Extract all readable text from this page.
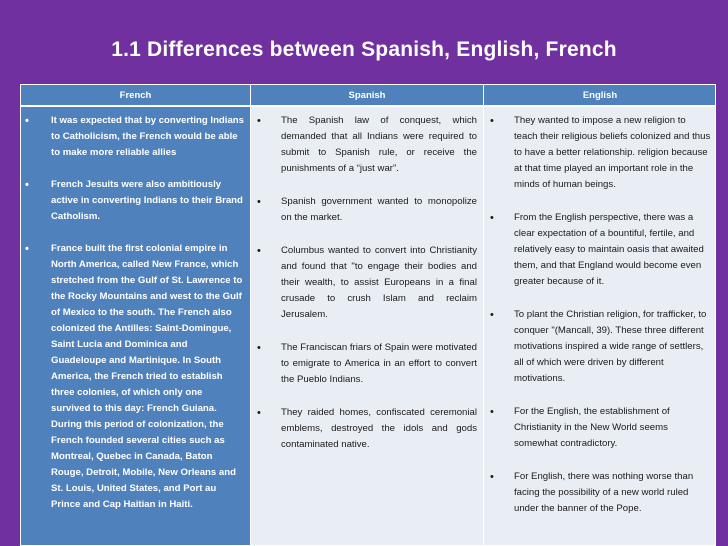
1.1 Differences between Spanish, English, French
French	Spanish	English
• It was expected that by converting Indians to Catholicism, the French would be able to make more reliable allies
• French Jesuits were also ambitiously active in converting Indians to their Brand Catholism.
• France built the first colonial empire in North America, called New France, which stretched from the Gulf of St. Lawrence to the Rocky Mountains and west to the Gulf of Mexico to the south. The French also colonized the Antilles: Saint-Domingue, Saint Lucia and Dominica and Guadeloupe and Martinique. In South America, the French tried to establish three colonies, of which only one survived to this day: French Guiana. During this period of colonization, the French founded several cities such as Montreal, Quebec in Canada, Baton Rouge, Detroit, Mobile, New Orleans and St. Louis, United States, and Port au Prince and Cap Haitian in Haiti.
• The Spanish law of conquest, which demanded that all Indians were required to submit to Spanish rule, or receive the punishments of a “just war”.
• Spanish government wanted to monopolize on the market.
• Columbus wanted to convert into Christianity and found that "to engage their bodies and their wealth, to assist Europeans in a final crusade to crush Islam and reclaim Jerusalem.
• The Franciscan friars of Spain were motivated to emigrate to America in an effort to convert the Pueblo Indians.
• They raided homes, confiscated ceremonial emblems, destroyed the idols and gods contaminated native.
• They wanted to impose a new religion to teach their religious beliefs colonized and thus to have a better relationship. religion because at that time played an important role in the minds of human beings.
• From the English perspective, there was a clear expectation of a bountiful, fertile, and relatively easy to maintain oasis that awaited them, and that England would become even greater because of it.
• To plant the Christian religion, for trafficker, to conquer "(Mancall, 39). These three different motivations inspired a wide range of settlers, all of which were driven by different motivations.
• For the English, the establishment of Christianity in the New World seems somewhat contradictory.
• For English, there was nothing worse than facing the possibility of a new world ruled under the banner of the Pope.
